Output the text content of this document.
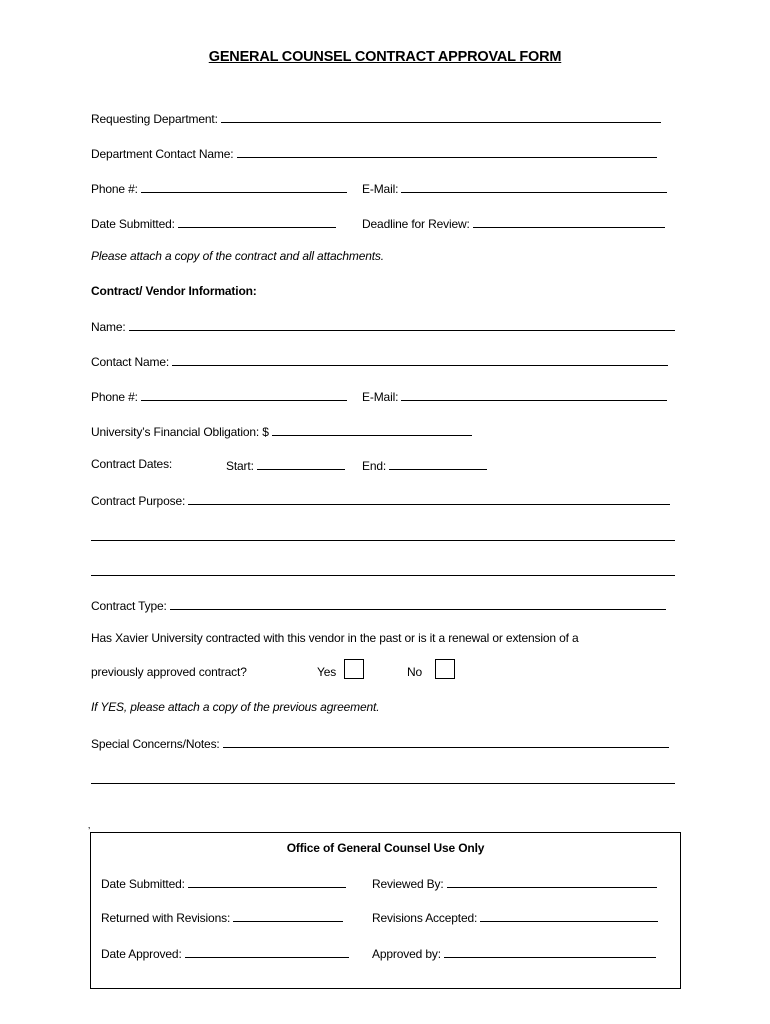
GENERAL COUNSEL CONTRACT APPROVAL FORM
Requesting Department:
Department Contact Name:
Phone #:	E-Mail:
Date Submitted:	Deadline for Review:
Please attach a copy of the contract and all attachments.
Contract/ Vendor Information:
Name:
Contact Name:
Phone #:	E-Mail:
University’s Financial Obligation: $
Contract Dates:	Start:	End:
Contract Purpose:
Contract Type:
Has Xavier University contracted with this vendor in the past or is it a renewal or extension of a
previously approved contract?	Yes	No
If YES, please attach a copy of the previous agreement.
Special Concerns/Notes:
’
Office of General Counsel Use Only
Date Submitted:	Reviewed By:
Returned with Revisions:	Revisions Accepted:
Date Approved:	Approved by:
